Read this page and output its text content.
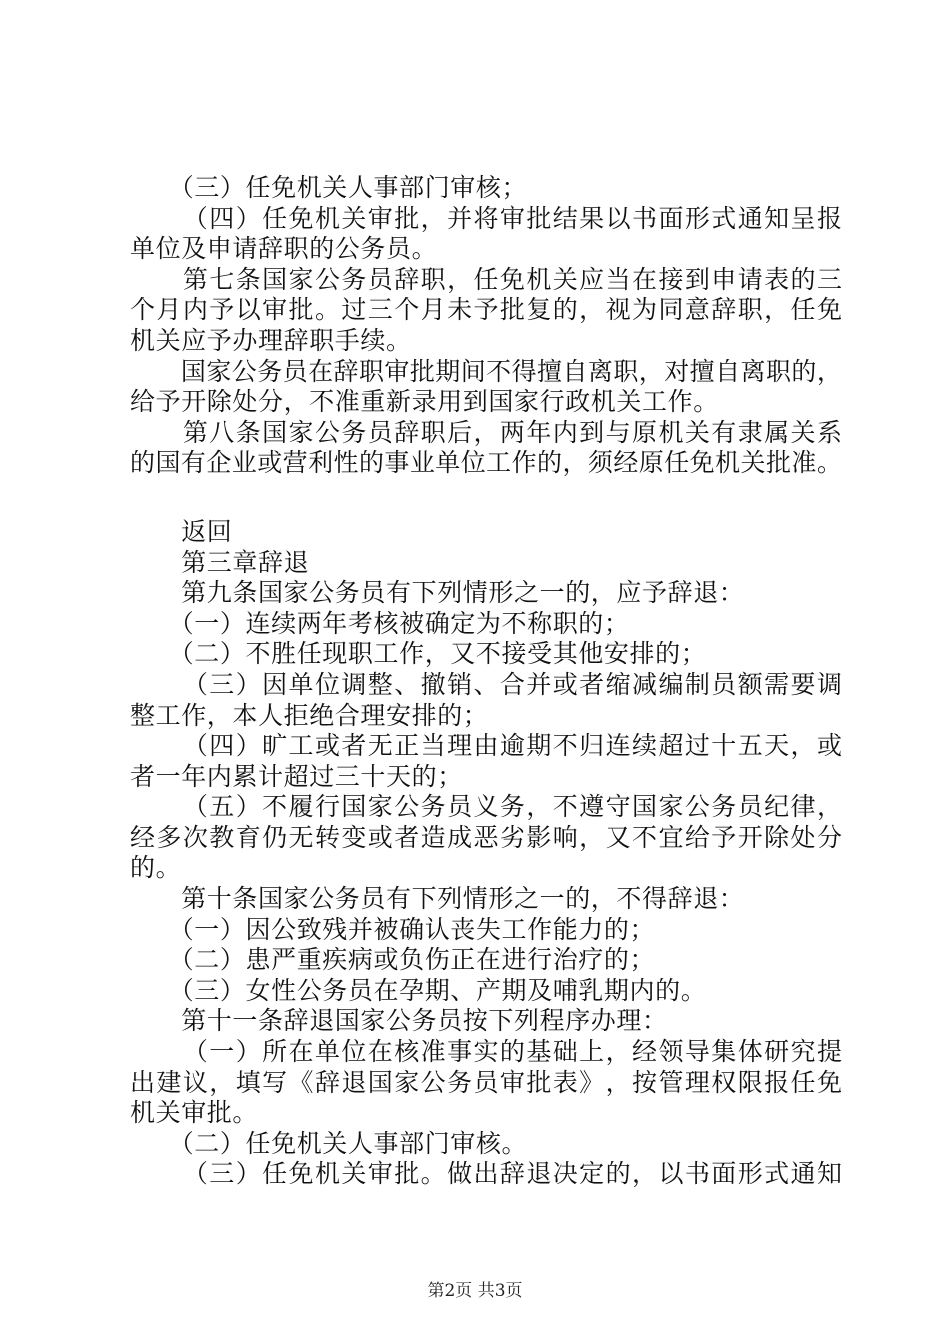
　　（三）任免机关人事部门审核；

（ 四 ） 任 免 机 关 审 批 ， 并 将 审 批 结 果 以 书 面 形 式 通 知 呈 报
单位及申请辞职的公务员。

第 七 条 国 家 公 务 员 辞 职 ， 任 免 机 关 应 当 在 接 到 申 请 表 的 三
个 月 内 予 以 审 批 。 过 三 个 月 未 予 批 复 的 ， 视 为 同 意 辞 职 ， 任 免
机关应予办理辞职手续。

国 家 公 务 员 在 辞 职 审 批 期 间 不 得 擅 自 离 职 ， 对 擅 自 离 职 的 ，
给予开除处分，不准重新录用到国家行政机关工作。

第 八 条 国 家 公 务 员 辞 职 后 ， 两 年 内 到 与 原 机 关 有 隶 属 关 系
的 国 有 企 业 或 营 利 性 的 事 业 单 位 工 作 的 ， 须 经 原 任 免 机 关 批 准 。
　　返回
　　第三章辞退
　　第九条国家公务员有下列情形之一的，应予辞退：
　　（一）连续两年考核被确定为不称职的；
　　（二）不胜任现职工作，又不接受其他安排的；

（ 三 ） 因 单 位 调 整 、 撤 销 、 合 并 或 者 缩 减 编 制 员 额 需 要 调
整工作，本人拒绝合理安排的；

（ 四 ） 旷 工 或 者 无 正 当 理 由 逾 期 不 归 连 续 超 过 十 五 天 ， 或
者一年内累计超过三十天的；

（ 五 ） 不 履 行 国 家 公 务 员 义 务 ， 不 遵 守 国 家 公 务 员 纪 律 ，
经 多 次 教 育 仍 无 转 变 或 者 造 成 恶 劣 影 响 ， 又 不 宜 给 予 开 除 处 分
的。
　　第十条国家公务员有下列情形之一的，不得辞退：
　　（一）因公致残并被确认丧失工作能力的；
　　（二）患严重疾病或负伤正在进行治疗的；
　　（三）女性公务员在孕期、产期及哺乳期内的。
　　第十一条辞退国家公务员按下列程序办理：

（ 一 ） 所 在 单 位 在 核 准 事 实 的 基 础 上 ， 经 领 导 集 体 研 究 提
出 建 议 ， 填 写 《 辞 退 国 家 公 务 员 审 批 表 》 ， 按 管 理 权 限 报 任 免
机关审批。
　　（二）任免机关人事部门审核。

（ 三 ） 任 免 机 关 审 批 。 做 出 辞 退 决 定 的 ， 以 书 面 形 式 通 知
第2页 共3页
